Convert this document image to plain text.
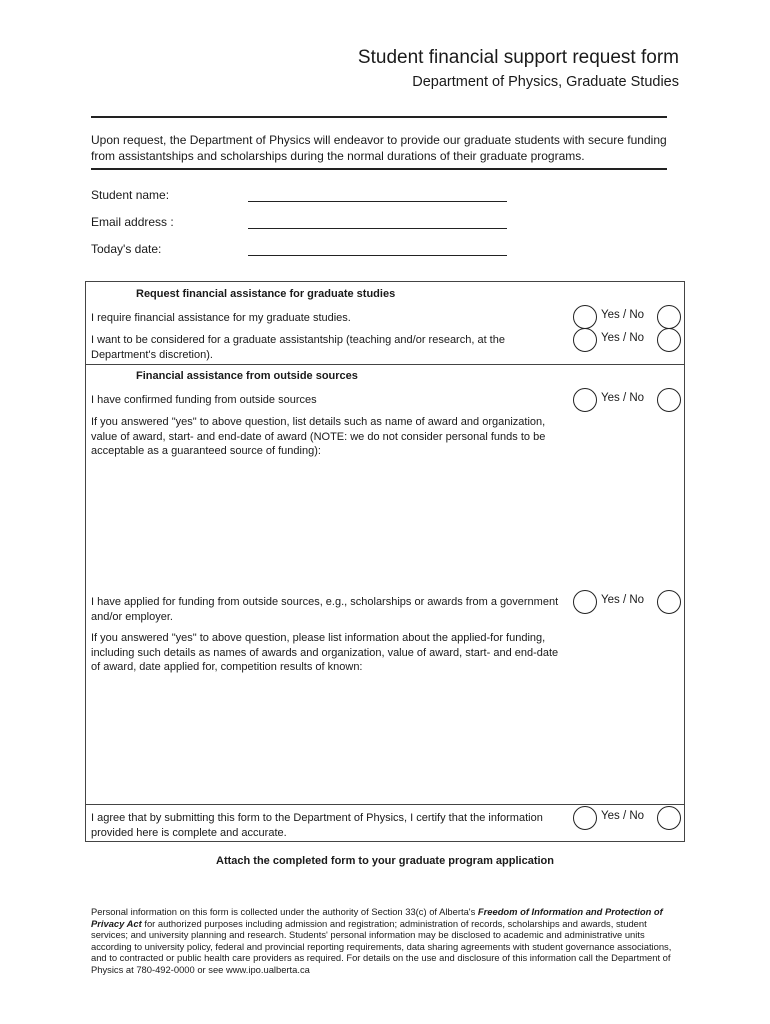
Student financial support request form
Department of Physics, Graduate Studies
Upon request, the Department of Physics will endeavor to provide our graduate students with secure funding from assistantships and scholarships during the normal durations of their graduate programs.
Student name:
Email address :
Today's date:
Request financial assistance for graduate studies
I require financial assistance for my graduate studies.	Yes / No
I want to be considered for a graduate assistantship (teaching and/or research, at the Department's discretion).
Yes / No
Financial assistance from outside sources
I have confirmed funding from outside sources	Yes / No
If you answered "yes" to above question, list details such as name of award and organization, value of award, start- and end-date of award (NOTE: we do not consider personal funds to be acceptable as a guaranteed source of funding):
I have applied for funding from outside sources, e.g., scholarships or awards from a government and/or employer.
Yes / No
If you answered "yes" to above question, please list information about the applied-for funding, including such details as names of awards and organization, value of award, start- and end-date of award, date applied for, competition results of known:
I agree that by submitting this form to the Department of Physics, I certify that the information provided here is complete and accurate.
Yes / No
Attach the completed form to your graduate program application
Personal information on this form is collected under the authority of Section 33(c) of Alberta's Freedom of Information and Protection of Privacy Act for authorized purposes including admission and registration; administration of records, scholarships and awards, student services; and university planning and research. Students' personal information may be disclosed to academic and administrative units according to university policy, federal and provincial reporting requirements, data sharing agreements with student governance associations, and to contracted or public health care providers as required. For details on the use and disclosure of this information call the Department of Physics at 780-492-0000 or see www.ipo.ualberta.ca
